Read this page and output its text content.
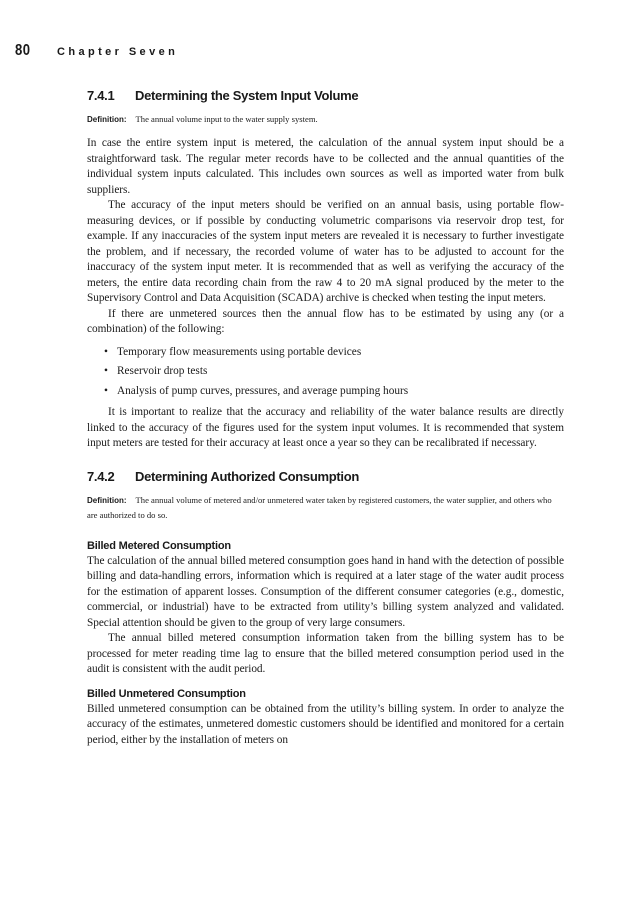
80	Chapter Seven
7.4.1	Determining the System Input Volume

Definition: The annual volume input to the water supply system.

In case the entire system input is metered, the calculation of the annual system input should be a straightforward task. The regular meter records have to be collected and the annual quantities of the individual system inputs calculated. This includes own sources as well as imported water from bulk suppliers.

The accuracy of the input meters should be verified on an annual basis, using portable flow-measuring devices, or if possible by conducting volumetric comparisons via reservoir drop test, for example. If any inaccuracies of the system input meters are revealed it is necessary to further investigate the problem, and if necessary, the recorded volume of water has to be adjusted to account for the inaccuracy of the system input meter. It is recommended that as well as verifying the accuracy of the meters, the entire data recording chain from the raw 4 to 20 mA signal produced by the meter to the Supervisory Control and Data Acquisition (SCADA) archive is checked when testing the input meters.

If there are unmetered sources then the annual flow has to be estimated by using any (or a combination) of the following:

• Temporary flow measurements using portable devices
• Reservoir drop tests
• Analysis of pump curves, pressures, and average pumping hours

It is important to realize that the accuracy and reliability of the water balance results are directly linked to the accuracy of the figures used for the system input volumes. It is recommended that system input meters are tested for their accuracy at least once a year so they can be recalibrated if necessary.

7.4.2	Determining Authorized Consumption

Definition: The annual volume of metered and/or unmetered water taken by registered customers, the water supplier, and others who are authorized to do so.

Billed Metered Consumption

The calculation of the annual billed metered consumption goes hand in hand with the detection of possible billing and data-handling errors, information which is required at a later stage of the water audit process for the estimation of apparent losses. Consumption of the different consumer categories (e.g., domestic, commercial, or industrial) have to be extracted from utility’s billing system analyzed and validated. Special attention should be given to the group of very large consumers.

The annual billed metered consumption information taken from the billing system has to be processed for meter reading time lag to ensure that the billed metered consumption period used in the audit is consistent with the audit period.

Billed Unmetered Consumption

Billed unmetered consumption can be obtained from the utility’s billing system. In order to analyze the accuracy of the estimates, unmetered domestic customers should be identified and monitored for a certain period, either by the installation of meters on
